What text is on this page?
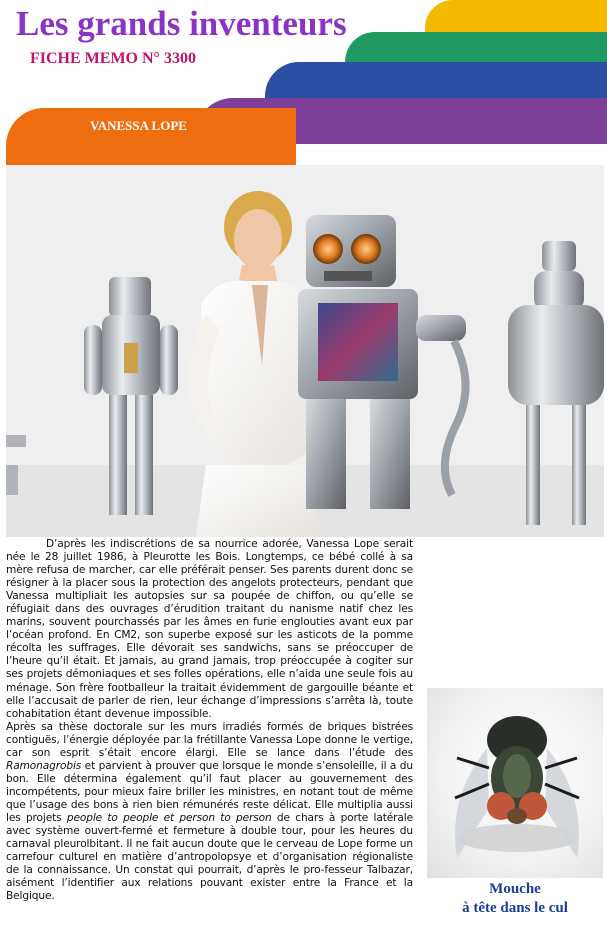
Les grands inventeurs
FICHE MEMO N° 3300
VANESSA LOPE

D’après les indiscrétions de sa nourrice adorée, Vanessa Lope serait née le 28 juillet 1986, à Pleurotte les Bois. Longtemps, ce bébé collé à sa mère refusa de marcher, car elle préférait penser. Ses parents durent donc se résigner à la placer sous la protection des angelots protecteurs, pendant que Vanessa multipliait les autopsies sur sa poupée de chiffon, ou qu’elle se réfugiait dans des ouvrages d’érudition traitant du nanisme natif chez les marins, souvent pourchassés par les âmes en furie englouties avant eux par l’océan profond. En CM2, son superbe exposé sur les asticots de la pomme récolta les suffrages. Elle dévorait ses sandwichs, sans se préoccuper de l’heure qu’il était. Et jamais, au grand jamais, trop préoccupée à cogiter sur ses projets démoniaques et ses folles opérations, elle n’aida une seule fois au ménage. Son frère footballeur la traitait évidemment de gargouille béante et elle l’accusait de parler de rien, leur échange d’impressions s’arrêta là, toute cohabitation étant devenue impossible.

Après sa thèse doctorale sur les murs irradiés formés de briques bistrées contiguës, l’énergie déployée par la frétillante Vanessa Lope donne le vertige, car son esprit s’était encore élargi. Elle se lance dans l’étude des Ramonagrobis et parvient à prouver que lorsque le monde s’ensoleille, il a du bon. Elle détermina également qu’il faut placer au gouvernement des incompétents, pour mieux faire briller les ministres, en notant tout de même que l’usage des bons à rien bien rémunérés reste délicat. Elle multiplia aussi les projets people to people et person to person de chars à porte latérale avec système ouvert-fermé et fermeture à double tour, pour les heures du carnaval pleurolbitant. Il ne fait aucun doute que le cerveau de Lope forme un carrefour culturel en matière d’antropolopsye et d’organisation régionaliste de la connaissance. Un constat qui pourrait, d’après le pro-fesseur Talbazar, aisément l’identifier aux relations pouvant exister entre la France et la Belgique.	Mouche
à tête dans le cul
